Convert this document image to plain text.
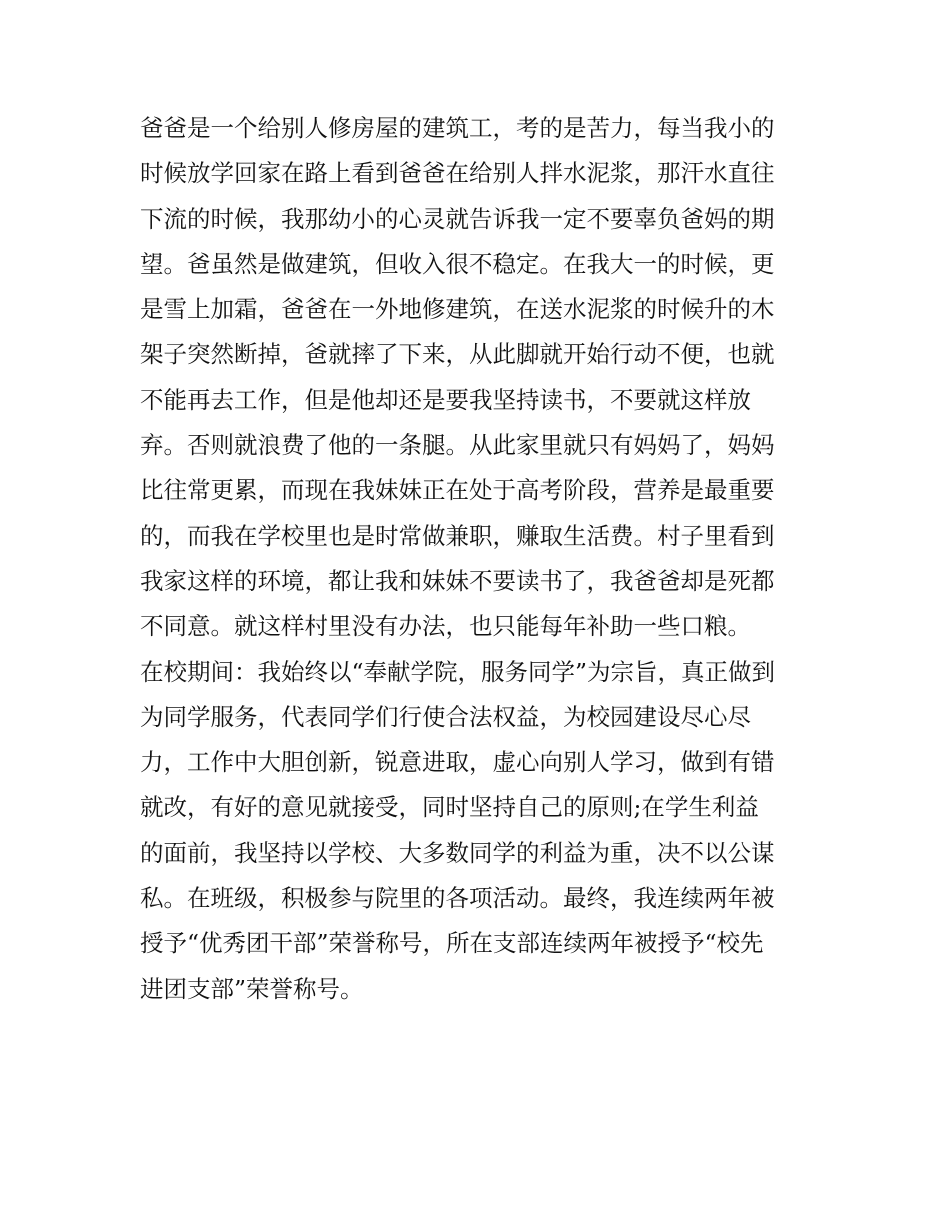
爸爸是一个给别人修房屋的建筑工，考的是苦力，每当我小的
时候放学回家在路上看到爸爸在给别人拌水泥浆，那汗水直往
下流的时候，我那幼小的心灵就告诉我一定不要辜负爸妈的期
望。爸虽然是做建筑，但收入很不稳定。在我大一的时候，更
是雪上加霜，爸爸在一外地修建筑，在送水泥浆的时候升的木
架子突然断掉，爸就摔了下来，从此脚就开始行动不便，也就
不能再去工作，但是他却还是要我坚持读书，不要就这样放
弃。否则就浪费了他的一条腿。从此家里就只有妈妈了，妈妈
比往常更累，而现在我妹妹正在处于高考阶段，营养是最重要
的，而我在学校里也是时常做兼职，赚取生活费。村子里看到
我家这样的环境，都让我和妹妹不要读书了，我爸爸却是死都
不同意。就这样村里没有办法，也只能每年补助一些口粮。
在校期间：我始终以“奉献学院，服务同学”为宗旨，真正做到
为同学服务，代表同学们行使合法权益，为校园建设尽心尽
力，工作中大胆创新，锐意进取，虚心向别人学习，做到有错
就改，有好的意见就接受，同时坚持自己的原则;在学生利益
的面前，我坚持以学校、大多数同学的利益为重，决不以公谋
私。在班级，积极参与院里的各项活动。最终，我连续两年被
授予“优秀团干部”荣誉称号，所在支部连续两年被授予“校先
进团支部”荣誉称号。
